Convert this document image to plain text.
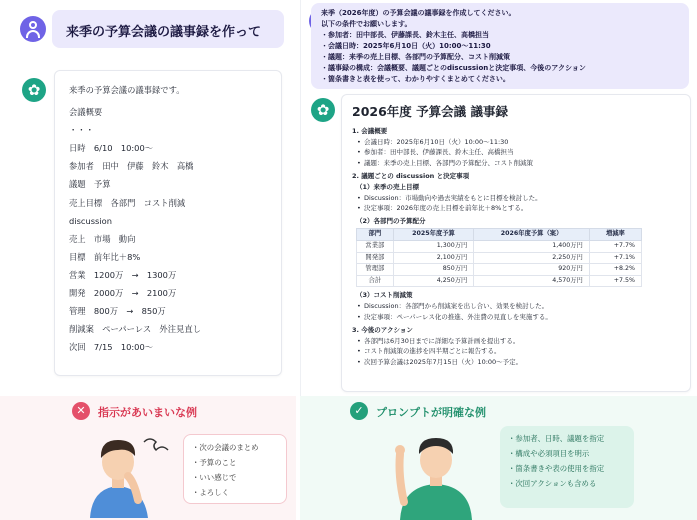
来季の予算会議の議事録を作って
✿	来季の予算会議の議事録です。
会議概要
・・・
日時　6/10　10:00〜
参加者　田中　伊藤　鈴木　高橋
議題　予算
売上目標　各部門　コスト削減
discussion
売上　市場　動向
目標　前年比＋8%
営業　1200万　→　1300万
開発　2000万　→　2100万
管理　800万　→　850万
削減案　ペーパーレス　外注見直し
次回　7/15　10:00〜
来季（2026年度）の予算会議の議事録を作成してください。
以下の条件でお願いします。
・参加者：田中部長、伊藤課長、鈴木主任、高橋担当
・会議日時：2025年6月10日（火）10:00〜11:30
・議題：来季の売上目標、各部門の予算配分、コスト削減策
・議事録の構成：会議概要、議題ごとのdiscussionと決定事項、今後のアクション
・箇条書きと表を使って、わかりやすくまとめてください。
✿	2026年度 予算会議 議事録
1. 会議概要
• 会議日時：2025年6月10日（火）10:00〜11:30
• 参加者：田中部長、伊藤課長、鈴木主任、高橋担当
• 議題：来季の売上目標、各部門の予算配分、コスト削減策
2. 議題ごとの discussion と決定事項
（1）来季の売上目標
• Discussion：市場動向や過去実績をもとに目標を検討した。
• 決定事項：2026年度の売上目標を前年比＋8%とする。
（2）各部門の予算配分
部門	2025年度予算	2026年度予算（案）	増減率
営業部	1,300万円	1,400万円	+7.7%
開発部	2,100万円	2,250万円	+7.1%
管理部	850万円	920万円	+8.2%
合計	4,250万円	4,570万円	+7.5%
（3）コスト削減策
• Discussion：各部門から削減案を出し合い、効果を検討した。
• 決定事項：ペーパーレス化の推進、外注費の見直しを実施する。
3. 今後のアクション
• 各部門は6月30日までに詳細な予算計画を提出する。
• コスト削減策の進捗を四半期ごとに報告する。
• 次回予算会議は2025年7月15日（火）10:00〜予定。
✕	指示があいまいな例
・ 次の会議のまとめ
・ 予算のこと
・ いい感じで
・ よろしく
✓	プロンプトが明確な例
・ 参加者、日時、議題を指定
・ 構成や必須項目を明示
・ 箇条書きや表の使用を指定
・ 次回アクションも含める
